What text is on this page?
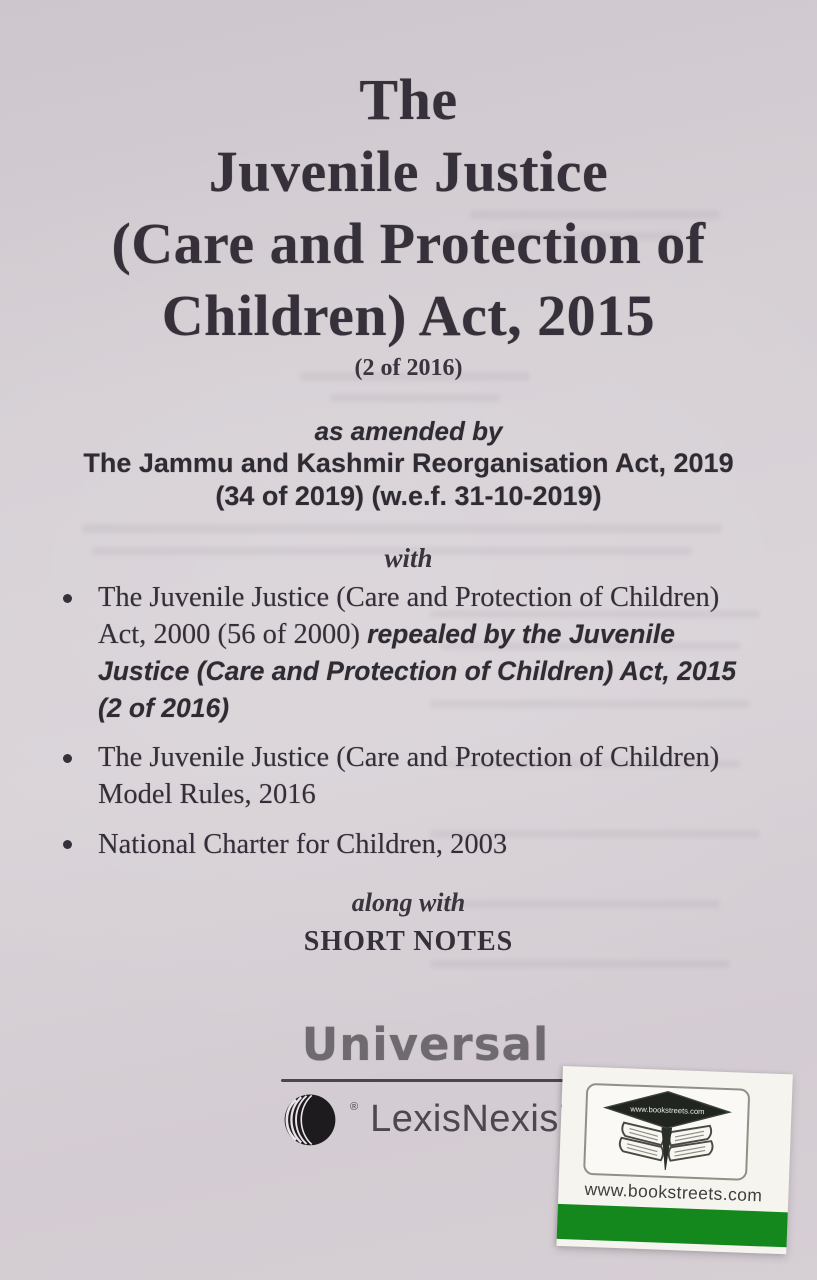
The
Juvenile Justice
(Care and Protection of
Children) Act, 2015
(2 of 2016)
as amended by
The Jammu and Kashmir Reorganisation Act, 2019
(34 of 2019) (w.e.f. 31-10-2019)
with
The Juvenile Justice (Care and Protection of Children) Act, 2000 (56 of 2000) repealed by the Juvenile Justice (Care and Protection of Children) Act, 2015 (2 of 2016)
The Juvenile Justice (Care and Protection of Children) Model Rules, 2016
National Charter for Children, 2003
along with
SHORT NOTES
Universal
® LexisNexis	www.bookstreets.com
www.bookstreets.com
